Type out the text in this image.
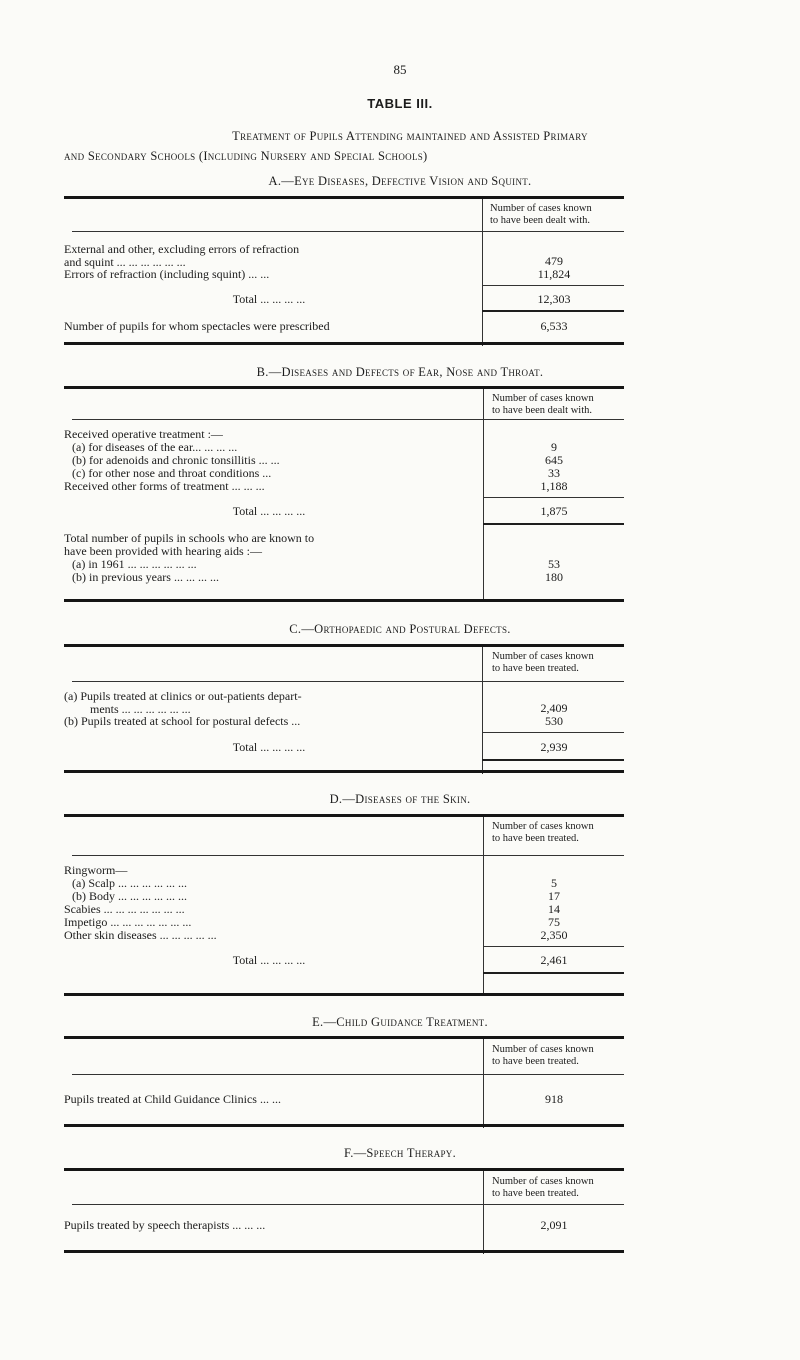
85
TABLE III.
Treatment of Pupils Attending maintained and Assisted Primary
and Secondary Schools (Including Nursery and Special Schools)
A.—Eye Diseases, Defective Vision and Squint.
Number of cases known
to have been dealt with.
External and other, excluding errors of refraction
and squint ... ... ... ... ... ...	479
Errors of refraction (including squint) ... ...	11,824
Total ... ... ... ...	12,303
Number of pupils for whom spectacles were prescribed	6,533
B.—Diseases and Defects of Ear, Nose and Throat.
Number of cases known
to have been dealt with.
Received operative treatment :—
(a) for diseases of the ear... ... ... ...	9
(b) for adenoids and chronic tonsillitis ... ...	645
(c) for other nose and throat conditions ...	33
Received other forms of treatment ... ... ...	1,188
Total ... ... ... ...	1,875
Total number of pupils in schools who are known to
have been provided with hearing aids :—
(a) in 1961 ... ... ... ... ... ...	53
(b) in previous years ... ... ... ...	180
C.—Orthopaedic and Postural Defects.
Number of cases known
to have been treated.
(a) Pupils treated at clinics or out-patients depart-
ments ... ... ... ... ... ...	2,409
(b) Pupils treated at school for postural defects ...	530
Total ... ... ... ...	2,939
D.—Diseases of the Skin.
Number of cases known
to have been treated.
Ringworm—
(a) Scalp ... ... ... ... ... ...	5
(b) Body ... ... ... ... ... ...	17
Scabies ... ... ... ... ... ... ...	14
Impetigo ... ... ... ... ... ... ...	75
Other skin diseases ... ... ... ... ...	2,350
Total ... ... ... ...	2,461
E.—Child Guidance Treatment.
Number of cases known
to have been treated.
Pupils treated at Child Guidance Clinics ... ...	918
F.—Speech Therapy.
Number of cases known
to have been treated.
Pupils treated by speech therapists ... ... ...	2,091
